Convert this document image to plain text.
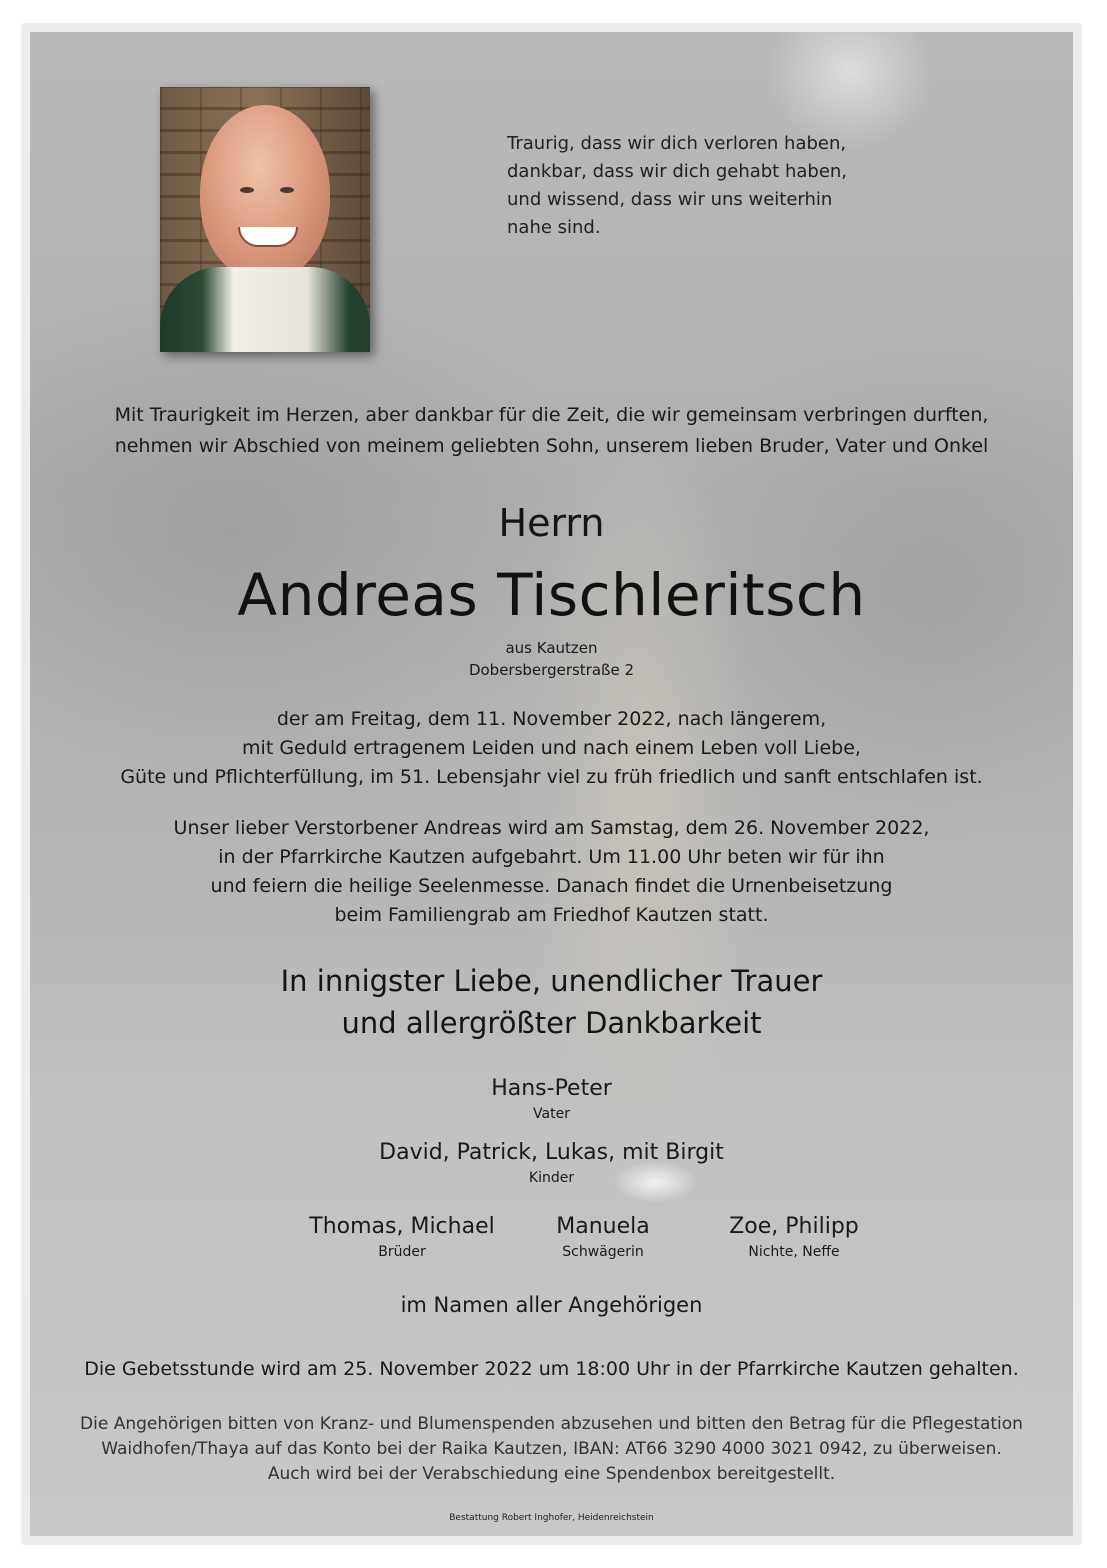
Traurig, dass wir dich verloren haben,
dankbar, dass wir dich gehabt haben,
und wissend, dass wir uns weiterhin
nahe sind.
Mit Traurigkeit im Herzen, aber dankbar für die Zeit, die wir gemeinsam verbringen durften,
nehmen wir Abschied von meinem geliebten Sohn, unserem lieben Bruder, Vater und Onkel
Herrn
Andreas Tischleritsch
aus Kautzen
Dobersbergerstraße 2
der am Freitag, dem 11. November 2022, nach längerem,
mit Geduld ertragenem Leiden und nach einem Leben voll Liebe,
Güte und Pflichterfüllung, im 51. Lebensjahr viel zu früh friedlich und sanft entschlafen ist.
Unser lieber Verstorbener Andreas wird am Samstag, dem 26. November 2022,
in der Pfarrkirche Kautzen aufgebahrt. Um 11.00 Uhr beten wir für ihn
und feiern die heilige Seelenmesse. Danach findet die Urnenbeisetzung
beim Familiengrab am Friedhof Kautzen statt.
In innigster Liebe, unendlicher Trauer
und allergrößter Dankbarkeit
Hans-Peter
Vater
David, Patrick, Lukas, mit Birgit
Kinder
Thomas, Michael
Brüder
Manuela
Schwägerin
Zoe, Philipp
Nichte, Neffe
im Namen aller Angehörigen
Die Gebetsstunde wird am 25. November 2022 um 18:00 Uhr in der Pfarrkirche Kautzen gehalten.
Die Angehörigen bitten von Kranz- und Blumenspenden abzusehen und bitten den Betrag für die Pflegestation
Waidhofen/Thaya auf das Konto bei der Raika Kautzen, IBAN: AT66 3290 4000 3021 0942, zu überweisen.
Auch wird bei der Verabschiedung eine Spendenbox bereitgestellt.
Bestattung Robert Inghofer, Heidenreichstein
